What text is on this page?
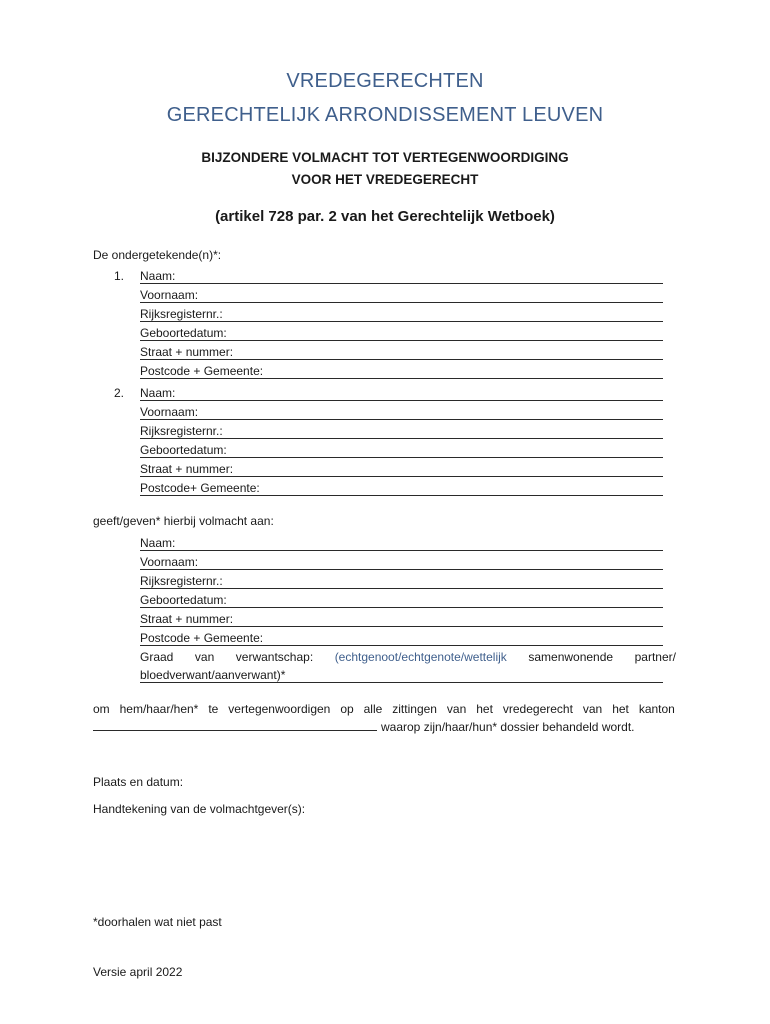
VREDEGERECHTEN
GERECHTELIJK ARRONDISSEMENT LEUVEN
BIJZONDERE VOLMACHT TOT VERTEGENWOORDIGING
VOOR HET VREDEGERECHT
(artikel 728 par. 2 van het Gerechtelijk Wetboek)
De ondergetekende(n)*:
1. Naam:
Voornaam:
Rijksregisternr.:
Geboortedatum:
Straat + nummer:
Postcode + Gemeente:
2. Naam:
Voornaam:
Rijksregisternr.:
Geboortedatum:
Straat + nummer:
Postcode+ Gemeente:
geeft/geven* hierbij volmacht aan:
Naam:
Voornaam:
Rijksregisternr.:
Geboortedatum:
Straat + nummer:
Postcode + Gemeente:
Graad van verwantschap: (echtgenoot/echtgenote/wettelijk samenwonende partner/
bloedverwant/aanverwant)*
om hem/haar/hen* te vertegenwoordigen op alle zittingen van het vredegerecht van het kanton
waarop zijn/haar/hun* dossier behandeld wordt.
Plaats en datum:
Handtekening van de volmachtgever(s):
*doorhalen wat niet past
Versie april 2022
